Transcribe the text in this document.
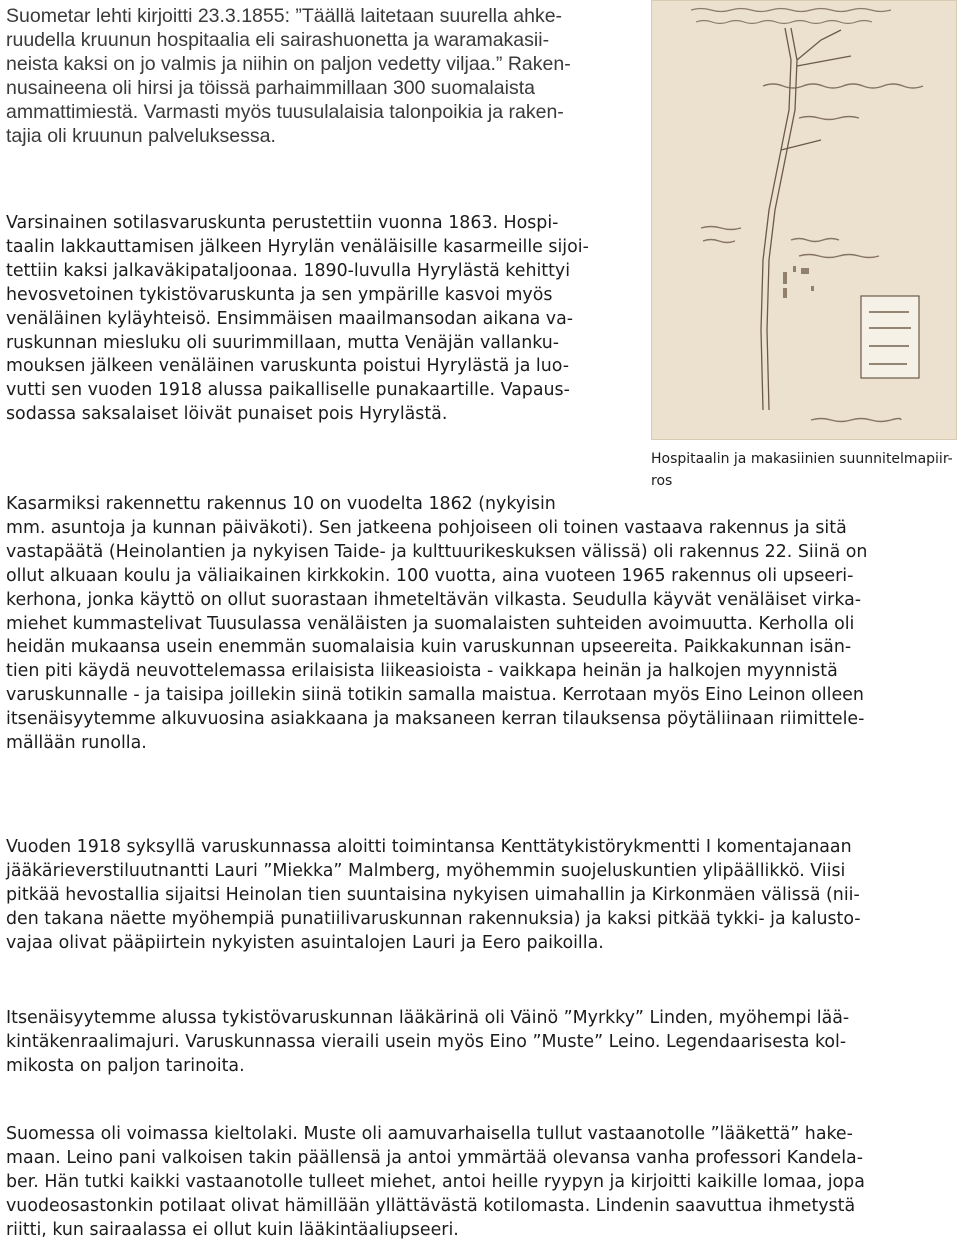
Suometar lehti kirjoitti 23.3.1855: ”Täällä laitetaan suurella ahke-
ruudella kruunun hospitaalia eli sairashuonetta ja waramakasii-
neista kaksi on jo valmis ja niihin on paljon vedetty viljaa.” Raken-
nusaineena oli hirsi ja töissä parhaimmillaan 300 suomalaista
ammattimiestä. Varmasti myös tuusulalaisia talonpoikia ja raken-
tajia oli kruunun palveluksessa.
Varsinainen sotilasvaruskunta perustettiin vuonna 1863. Hospi-
taalin lakkauttamisen jälkeen Hyrylän venäläisille kasarmeille sijoi-
tettiin kaksi jalkaväkipataljoonaa. 1890-luvulla Hyrylästä kehittyi
hevosvetoinen tykistövaruskunta ja sen ympärille kasvoi myös
venäläinen kyläyhteisö. Ensimmäisen maailmansodan aikana va-
ruskunnan miesluku oli suurimmillaan, mutta Venäjän vallanku-
mouksen jälkeen venäläinen varuskunta poistui Hyrylästä ja luo-
vutti sen vuoden 1918 alussa paikalliselle punakaartille. Vapaus-
sodassa saksalaiset löivät punaiset pois Hyrylästä.
Kasarmiksi rakennettu rakennus 10 on vuodelta 1862 (nykyisin
mm. asuntoja ja kunnan päiväkoti). Sen jatkeena pohjoiseen oli toinen vastaava rakennus ja sitä
vastapäätä (Heinolantien ja nykyisen Taide- ja kulttuurikeskuksen välissä) oli rakennus 22. Siinä on
ollut alkuaan koulu ja väliaikainen kirkkokin. 100 vuotta, aina vuoteen 1965 rakennus oli upseeri-
kerhona, jonka käyttö on ollut suorastaan ihmeteltävän vilkasta. Seudulla käyvät venäläiset virka-
miehet kummastelivat Tuusulassa venäläisten ja suomalaisten suhteiden avoimuutta. Kerholla oli
heidän mukaansa usein enemmän suomalaisia kuin varuskunnan upseereita. Paikkakunnan isän-
tien piti käydä neuvottelemassa erilaisista liikeasioista - vaikkapa heinän ja halkojen myynnistä
varuskunnalle - ja taisipa joillekin siinä totikin samalla maistua. Kerrotaan myös Eino Leinon olleen
itsenäisyytemme alkuvuosina asiakkaana ja maksaneen kerran tilauksensa pöytäliinaan riimittele-
mällään runolla.
Vuoden 1918 syksyllä varuskunnassa aloitti toimintansa Kenttätykistörykmentti I komentajanaan
jääkärieverstiluutnantti Lauri ”Miekka” Malmberg, myöhemmin suojeluskuntien ylipäällikkö. Viisi
pitkää hevostallia sijaitsi Heinolan tien suuntaisina nykyisen uimahallin ja Kirkonmäen välissä (nii-
den takana näette myöhempiä punatiilivaruskunnan rakennuksia) ja kaksi pitkää tykki- ja kalusto-
vajaa olivat pääpiirtein nykyisten asuintalojen Lauri ja Eero paikoilla.
Itsenäisyytemme alussa tykistövaruskunnan lääkärinä oli Väinö ”Myrkky” Linden, myöhempi lää-
kintäkenraalimajuri. Varuskunnassa vieraili usein myös Eino ”Muste” Leino. Legendaarisesta kol-
mikosta on paljon tarinoita.
Suomessa oli voimassa kieltolaki. Muste oli aamuvarhaisella tullut vastaanotolle ”lääkettä” hake-
maan. Leino pani valkoisen takin päällensä ja antoi ymmärtää olevansa vanha professori Kandela-
ber. Hän tutki kaikki vastaanotolle tulleet miehet, antoi heille ryypyn ja kirjoitti kaikille lomaa, jopa
vuodeosastonkin potilaat olivat hämillään yllättävästä kotilomasta. Lindenin saavuttua ihmetystä
riitti, kun sairaalassa ei ollut kuin lääkintäaliupseeri.
Hospitaalin ja makasiinien suunnitelmapiir-
ros
